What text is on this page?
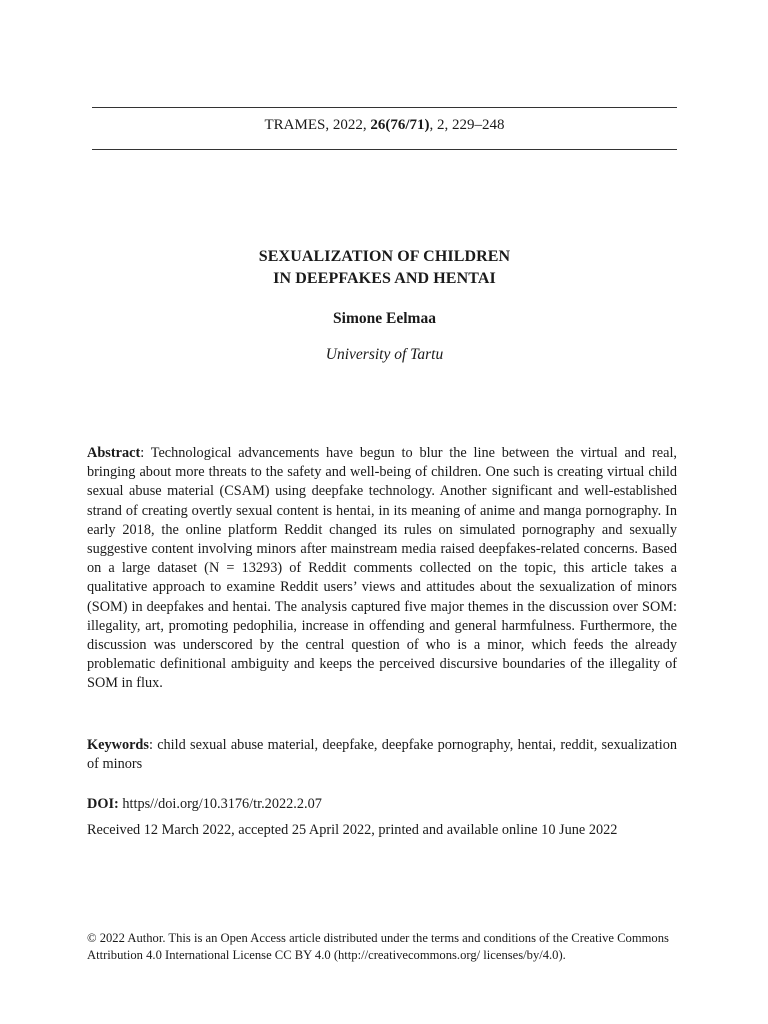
TRAMES, 2022, 26(76/71), 2, 229–248
SEXUALIZATION OF CHILDREN
IN DEEPFAKES AND HENTAI
Simone Eelmaa
University of Tartu
Abstract: Technological advancements have begun to blur the line between the virtual and real, bringing about more threats to the safety and well-being of children. One such is creating virtual child sexual abuse material (CSAM) using deepfake technology. Another significant and well-established strand of creating overtly sexual content is hentai, in its meaning of anime and manga pornography. In early 2018, the online platform Reddit changed its rules on simulated pornography and sexually suggestive content involving minors after mainstream media raised deepfakes-related concerns. Based on a large dataset (N = 13293) of Reddit comments collected on the topic, this article takes a qualitative approach to examine Reddit users’ views and attitudes about the sexualization of minors (SOM) in deepfakes and hentai. The analysis captured five major themes in the discussion over SOM: illegality, art, promoting pedophilia, increase in offending and general harmfulness. Furthermore, the discussion was underscored by the central question of who is a minor, which feeds the already problematic definitional ambiguity and keeps the perceived discursive boundaries of the illegality of SOM in flux.
Keywords: child sexual abuse material, deepfake, deepfake pornography, hentai, reddit, sexualization of minors
DOI: https//doi.org/10.3176/tr.2022.2.07
Received 12 March 2022, accepted 25 April 2022, printed and available online 10 June 2022
© 2022 Author. This is an Open Access article distributed under the terms and conditions of the Creative Commons Attribution 4.0 International License CC BY 4.0 (http://creativecommons.org/ licenses/by/4.0).
